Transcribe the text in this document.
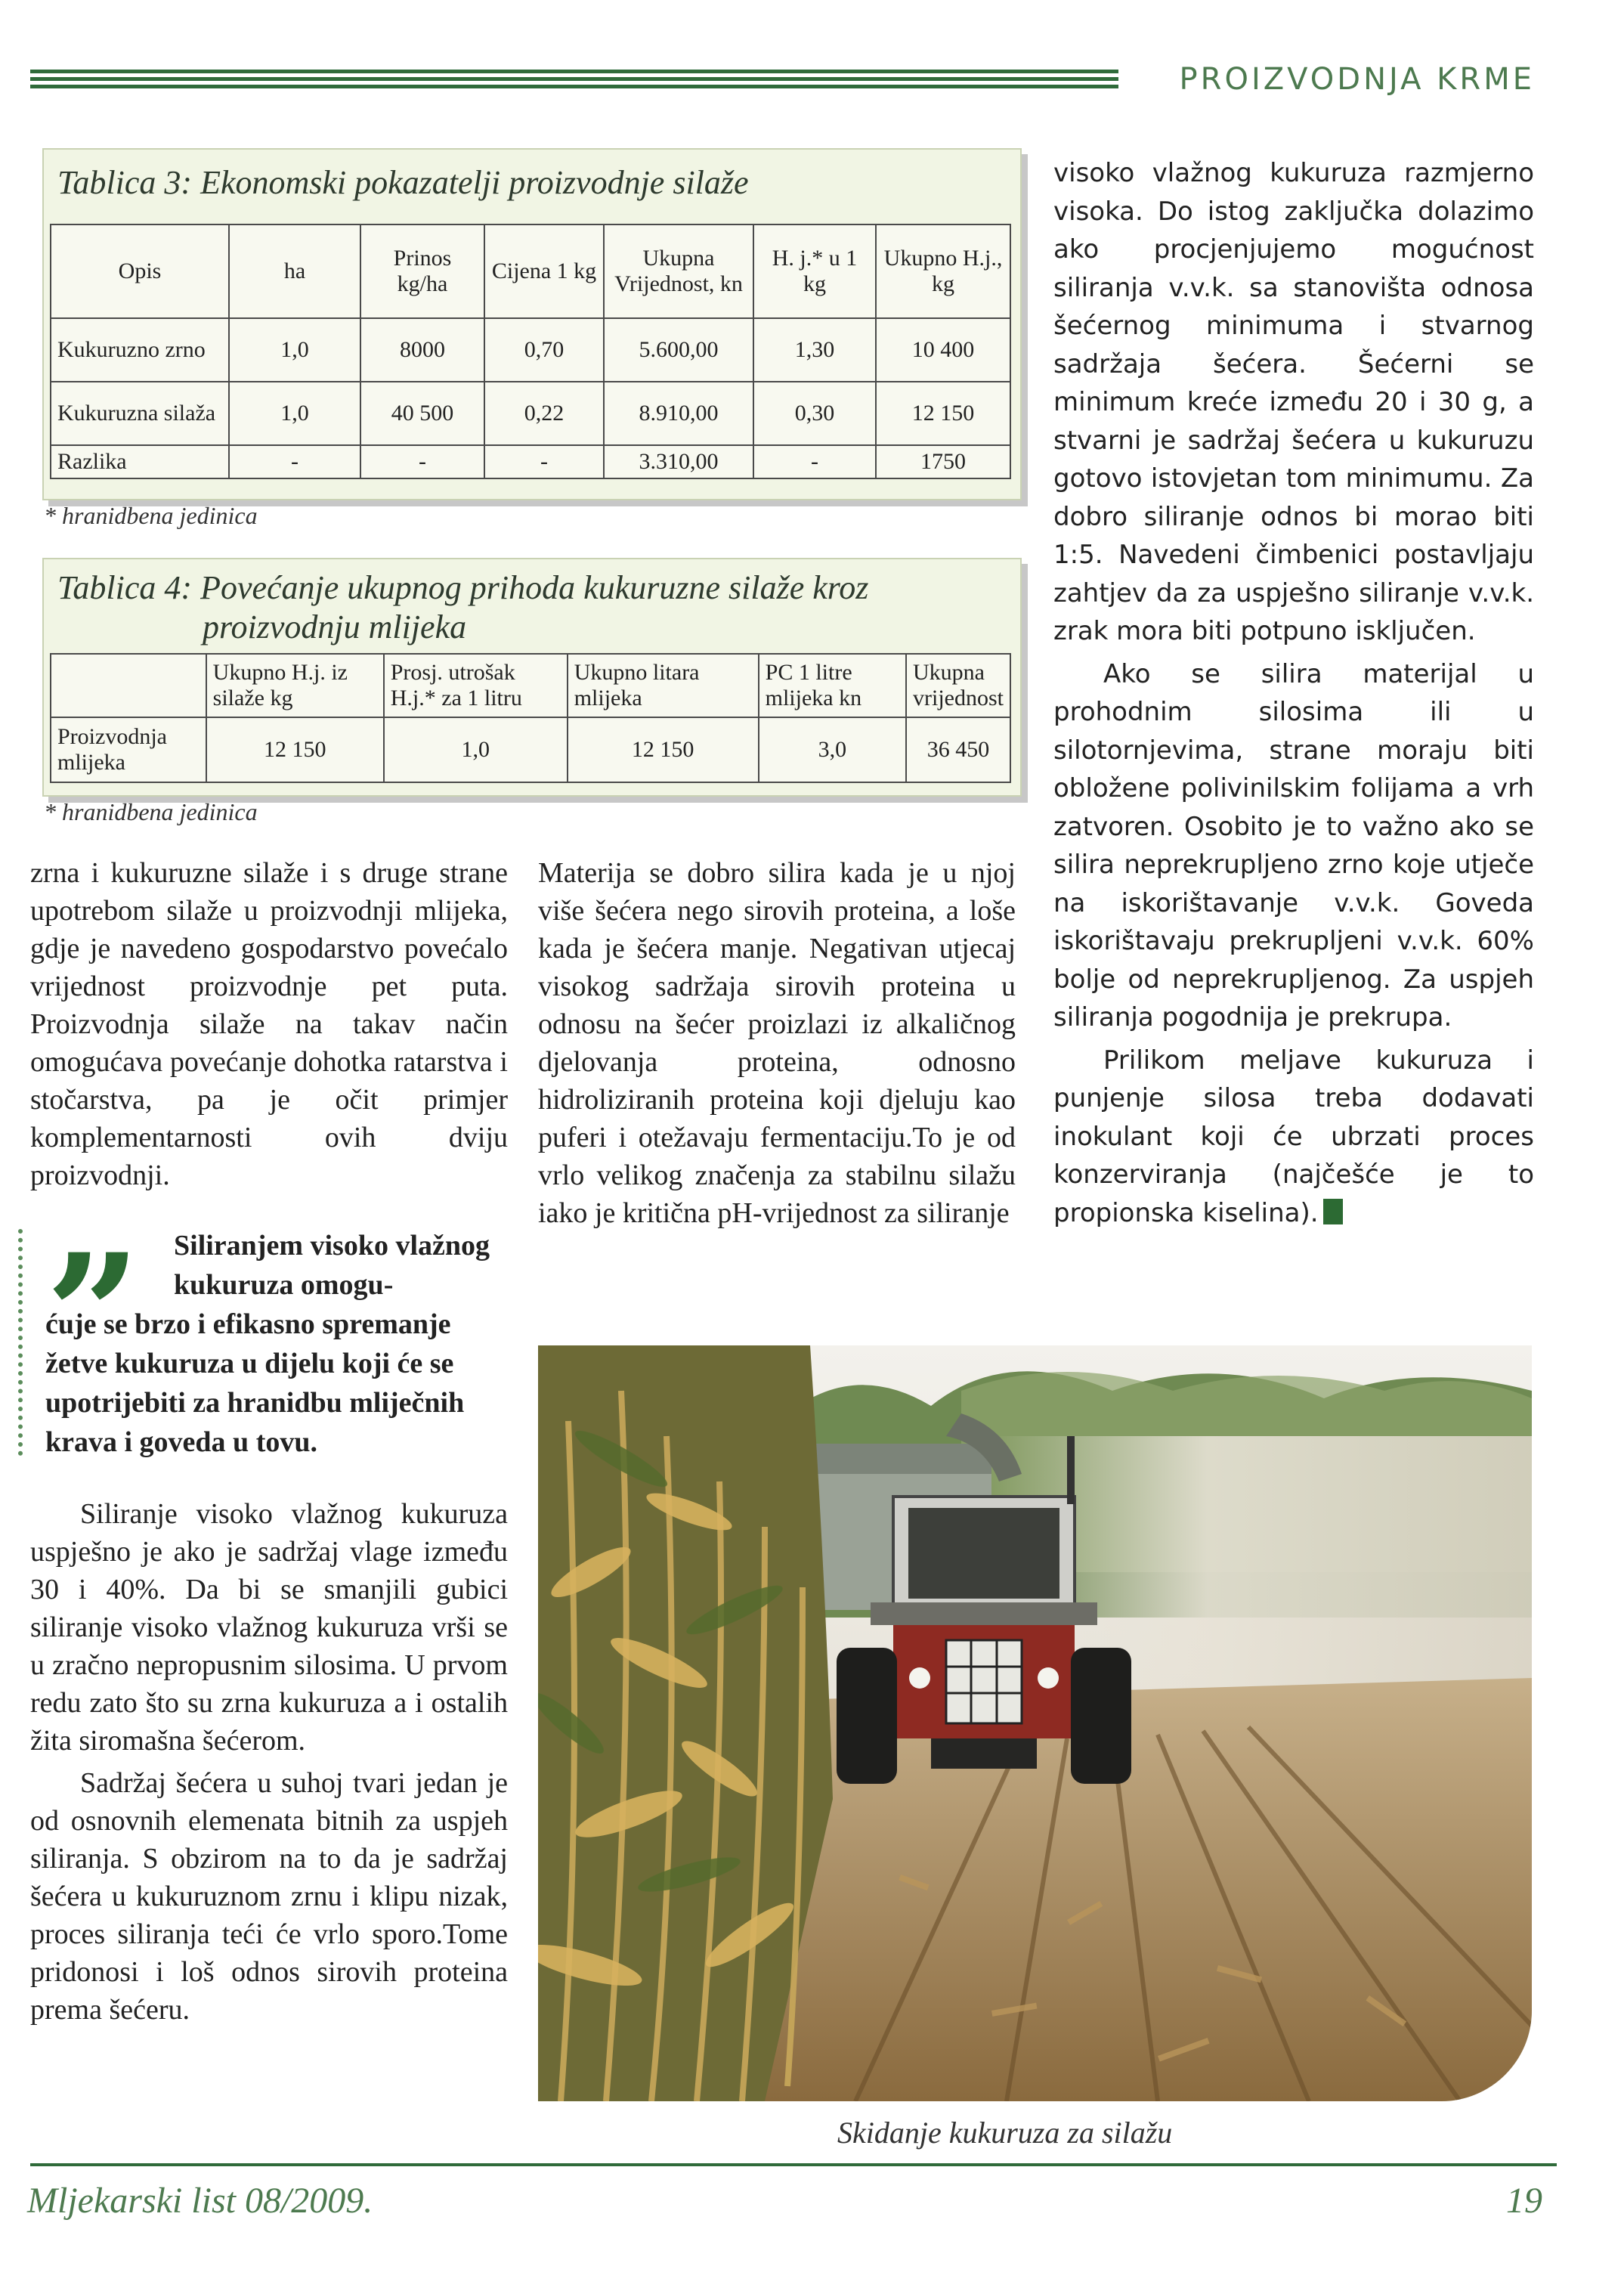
PROIZVODNJA KRME
Tablica 3: Ekonomski pokazatelji proizvodnje silaže
Opis	ha	Prinos kg/ha	Cijena 1 kg	Ukupna Vrijednost, kn	H. j.* u 1 kg	Ukupno H.j., kg
Kukuruzno zrno	1,0	8000	0,70	5.600,00	1,30	10 400
Kukuruzna silaža	1,0	40 500	0,22	8.910,00	0,30	12 150
Razlika	-	-	-	3.310,00	-	1750
* hranidbena jedinica
Tablica 4: Povećanje ukupnog prihoda kukuruzne silaže kroz
proizvodnju mlijeka
	Ukupno H.j. iz silaže kg	Prosj. utrošak H.j.* za 1 litru	Ukupno litara mlijeka	PC 1 litre mlijeka kn	Ukupna vrijednost
Proizvodnja mlijeka	12 150	1,0	12 150	3,0	36 450
* hranidbena jedinica

zrna i kukuruzne silaže i s druge strane upotrebom silaže u proizvodnji mlijeka, gdje je navedeno gospodarstvo povećalo vrijednost proizvodnje pet puta. Proizvodnja silaže na takav način omogućava povećanje dohotka ratarstva i stočarstva, pa je očit primjer komplementarnosti ovih dviju proizvodnji.

”	Siliranjem visoko vlažnog kukuruza omogu-
ćuje se brzo i efikasno spremanje žetve kukuruza u dijelu koji će se upotrijebiti za hranidbu mliječnih krava i goveda u tovu.

Siliranje visoko vlažnog kukuruza uspješno je ako je sadržaj vlage između 30 i 40%. Da bi se smanjili gubici siliranje visoko vlažnog kukuruza vrši se u zračno nepropusnim silosima. U prvom redu zato što su zrna kukuruza a i ostalih žita siromašna šećerom.

Sadržaj šećera u suhoj tvari jedan je od osnovnih elemenata bitnih za uspjeh siliranja. S obzirom na to da je sadržaj šećera u kukuruznom zrnu i klipu nizak, proces siliranja teći će vrlo sporo.Tome pridonosi i loš odnos sirovih proteina prema šećeru.

Materija se dobro silira kada je u njoj više šećera nego sirovih proteina, a loše kada je šećera manje. Negativan utjecaj visokog sadržaja sirovih proteina u odnosu na šećer proizlazi iz alkaličnog djelovanja proteina, odnosno hidroliziranih proteina koji djeluju kao puferi i otežavaju fermentaciju.To je od vrlo velikog značenja za stabilnu silažu iako je kritična pH-vrijednost za siliranje

visoko vlažnog kukuruza razmjerno visoka. Do istog zaključka dolazimo ako procjenjujemo mogućnost siliranja v.v.k. sa stanovišta odnosa šećernog minimuma i stvarnog sadržaja šećera. Šećerni se minimum kreće između 20 i 30 g, a stvarni je sadržaj šećera u kukuruzu gotovo istovjetan tom minimumu. Za dobro siliranje odnos bi morao biti 1:5. Navedeni čimbenici postavljaju zahtjev da za uspješno siliranje v.v.k. zrak mora biti potpuno isključen.

Ako se silira materijal u prohodnim silosima ili u silotornjevima, strane moraju biti obložene polivinilskim folijama a vrh zatvoren. Osobito je to važno ako se silira neprekrupljeno zrno koje utječe na iskorištavanje v.v.k. Goveda iskorištavaju prekrupljeni v.v.k. 60% bolje od neprekrupljenog. Za uspjeh siliranja pogodnija je prekrupa.

Prilikom meljave kukuruza i punjenje silosa treba dodavati inokulant koji će ubrzati proces konzerviranja (najčešće je to propionska kiselina).

Skidanje kukuruza za silažu
Mljekarski list 08/2009.	19
